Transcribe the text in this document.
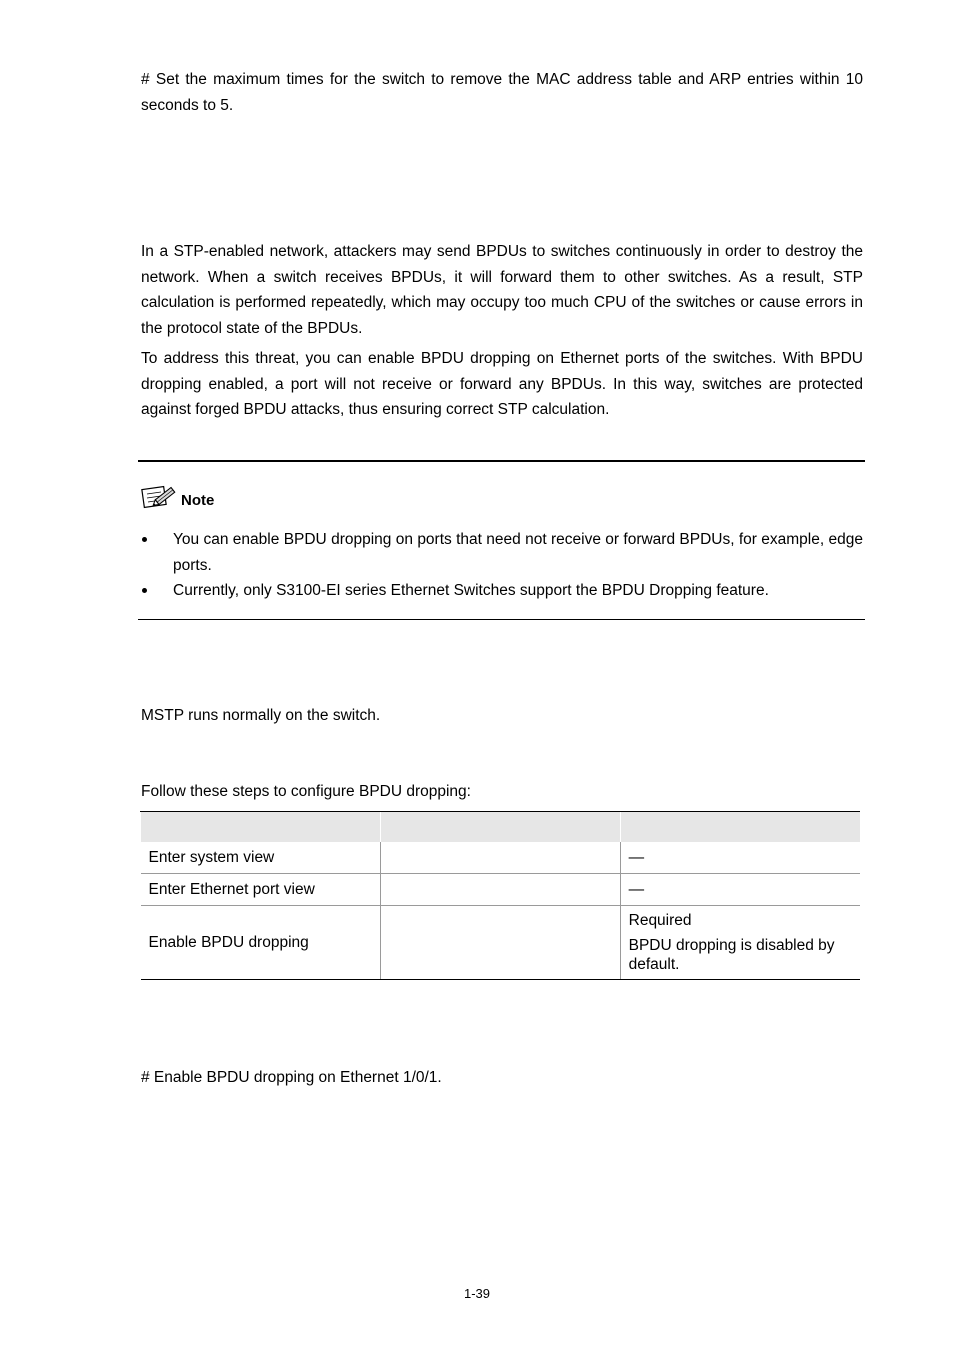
# Set the maximum times for the switch to remove the MAC address table and ARP entries within 10 seconds to 5.

In a STP-enabled network, attackers may send BPDUs to switches continuously in order to destroy the network. When a switch receives BPDUs, it will forward them to other switches. As a result, STP calculation is performed repeatedly, which may occupy too much CPU of the switches or cause errors in the protocol state of the BPDUs.

To address this threat, you can enable BPDU dropping on Ethernet ports of the switches. With BPDU dropping enabled, a port will not receive or forward any BPDUs. In this way, switches are protected against forged BPDU attacks, thus ensuring correct STP calculation.

Note
You can enable BPDU dropping on ports that need not receive or forward BPDUs, for example, edge ports.
Currently, only S3100-EI series Ethernet Switches support the BPDU Dropping feature.

MSTP runs normally on the switch.

Follow these steps to configure BPDU dropping:

Enter system view		—
Enter Ethernet port view		—
Enable BPDU dropping		Required
BPDU dropping is disabled by default.

# Enable BPDU dropping on Ethernet 1/0/1.

1-39
